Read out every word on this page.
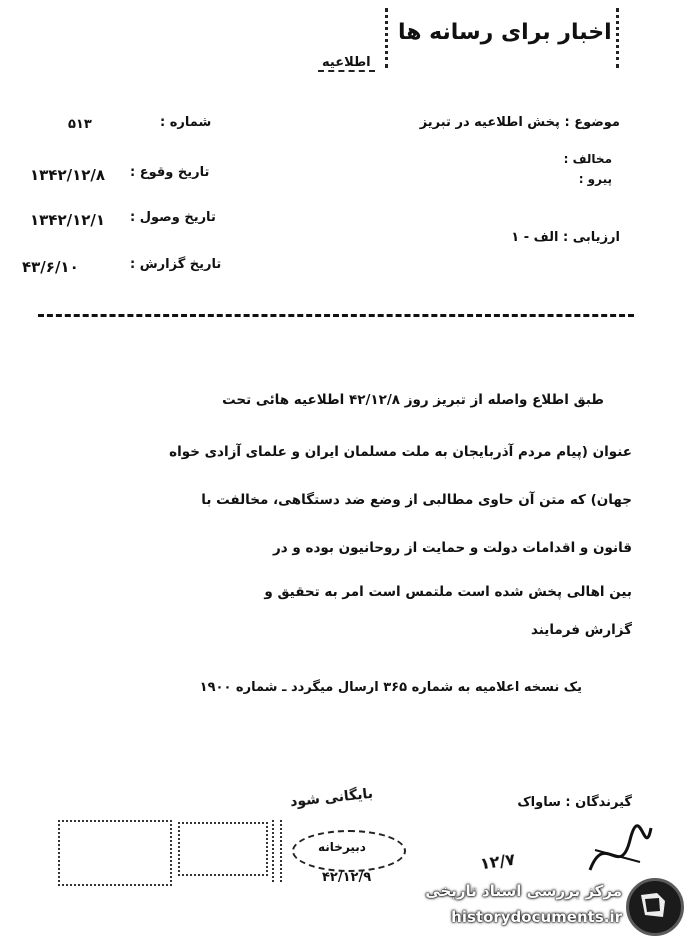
اخبار برای رسانه ها
اطلاعیه
موضوع : پخش اطلاعیه در تبریز
مخالف :
پیرو :
ارزیابی : الف - ۱
شماره :
۵۱۳
تاریخ وقوع :
۱۳۴۲/۱۲/۸
تاریخ وصول :
۱۳۴۲/۱۲/۱
تاریخ گزارش :
۴۳/۶/۱۰
طبق اطلاع واصله از تبریز روز ۴۲/۱۲/۸ اطلاعیه هائی تحت
عنوان (پیام مردم آذربایجان به ملت مسلمان ایران و علمای آزادی خواه
جهان) که متن آن حاوی مطالبی از وضع ضد دستگاهی، مخالفت با
قانون و اقدامات دولت و حمایت از روحانیون بوده و در
بین اهالی پخش شده است ملتمس است امر به تحقیق و
گزارش فرمایند
یک نسخه اعلامیه به شماره ۳۶۵ ارسال میگردد ـ شماره ۱۹۰۰
گیرندگان : ساواک
بایگانی شود
دبیرخانه
۴۲/۱۲/۹
۱۲/۷
مرکز بررسی اسناد تاریخی
historydocuments.ir
